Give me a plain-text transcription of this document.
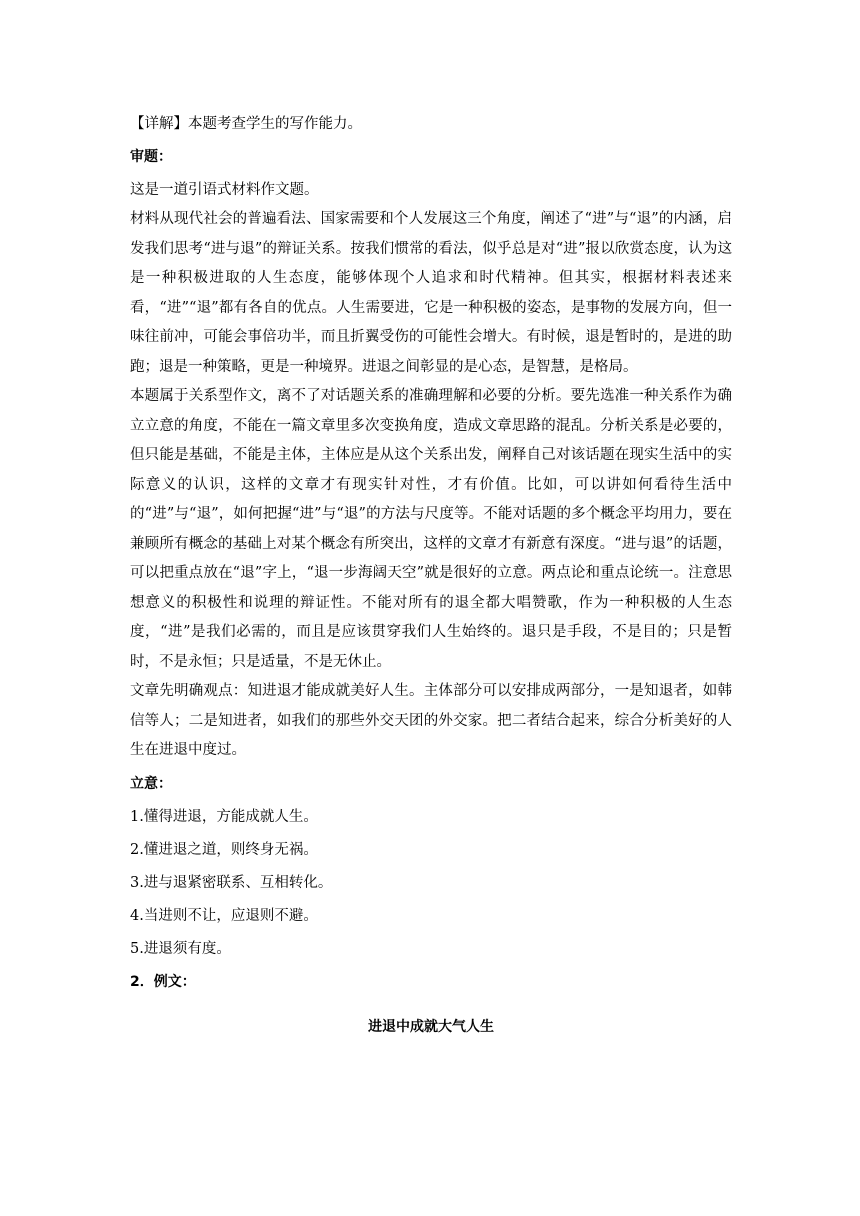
【详解】本题考查学生的写作能力。

审题：

这是一道引语式材料作文题。

材料从现代社会的普遍看法、国家需要和个人发展这三个角度，阐述了“进”与“退”的内涵，启发我们思考“进与退”的辩证关系。按我们惯常的看法，似乎总是对“进”报以欣赏态度，认为这是一种积极进取的人生态度，能够体现个人追求和时代精神。但其实，根据材料表述来看，“进”“退”都有各自的优点。人生需要进，它是一种积极的姿态，是事物的发展方向，但一味往前冲，可能会事倍功半，而且折翼受伤的可能性会增大。有时候，退是暂时的，是进的助跑；退是一种策略，更是一种境界。进退之间彰显的是心态，是智慧，是格局。

本题属于关系型作文，离不了对话题关系的准确理解和必要的分析。要先选准一种关系作为确立立意的角度，不能在一篇文章里多次变换角度，造成文章思路的混乱。分析关系是必要的，但只能是基础，不能是主体，主体应是从这个关系出发，阐释自己对该话题在现实生活中的实际意义的认识，这样的文章才有现实针对性，才有价值。比如，可以讲如何看待生活中的“进”与“退”，如何把握“进”与“退”的方法与尺度等。不能对话题的多个概念平均用力，要在兼顾所有概念的基础上对某个概念有所突出，这样的文章才有新意有深度。“进与退”的话题，可以把重点放在“退”字上，“退一步海阔天空”就是很好的立意。两点论和重点论统一。注意思想意义的积极性和说理的辩证性。不能对所有的退全都大唱赞歌，作为一种积极的人生态度，“进”是我们必需的，而且是应该贯穿我们人生始终的。退只是手段，不是目的；只是暂时，不是永恒；只是适量，不是无休止。

文章先明确观点：知进退才能成就美好人生。主体部分可以安排成两部分，一是知退者，如韩信等人；二是知进者，如我们的那些外交天团的外交家。把二者结合起来，综合分析美好的人生在进退中度过。

立意：

1.懂得进退，方能成就人生。

2.懂进退之道，则终身无祸。

3.进与退紧密联系、互相转化。

4.当进则不让，应退则不避。

5.进退须有度。

2．例文：

进退中成就大气人生
